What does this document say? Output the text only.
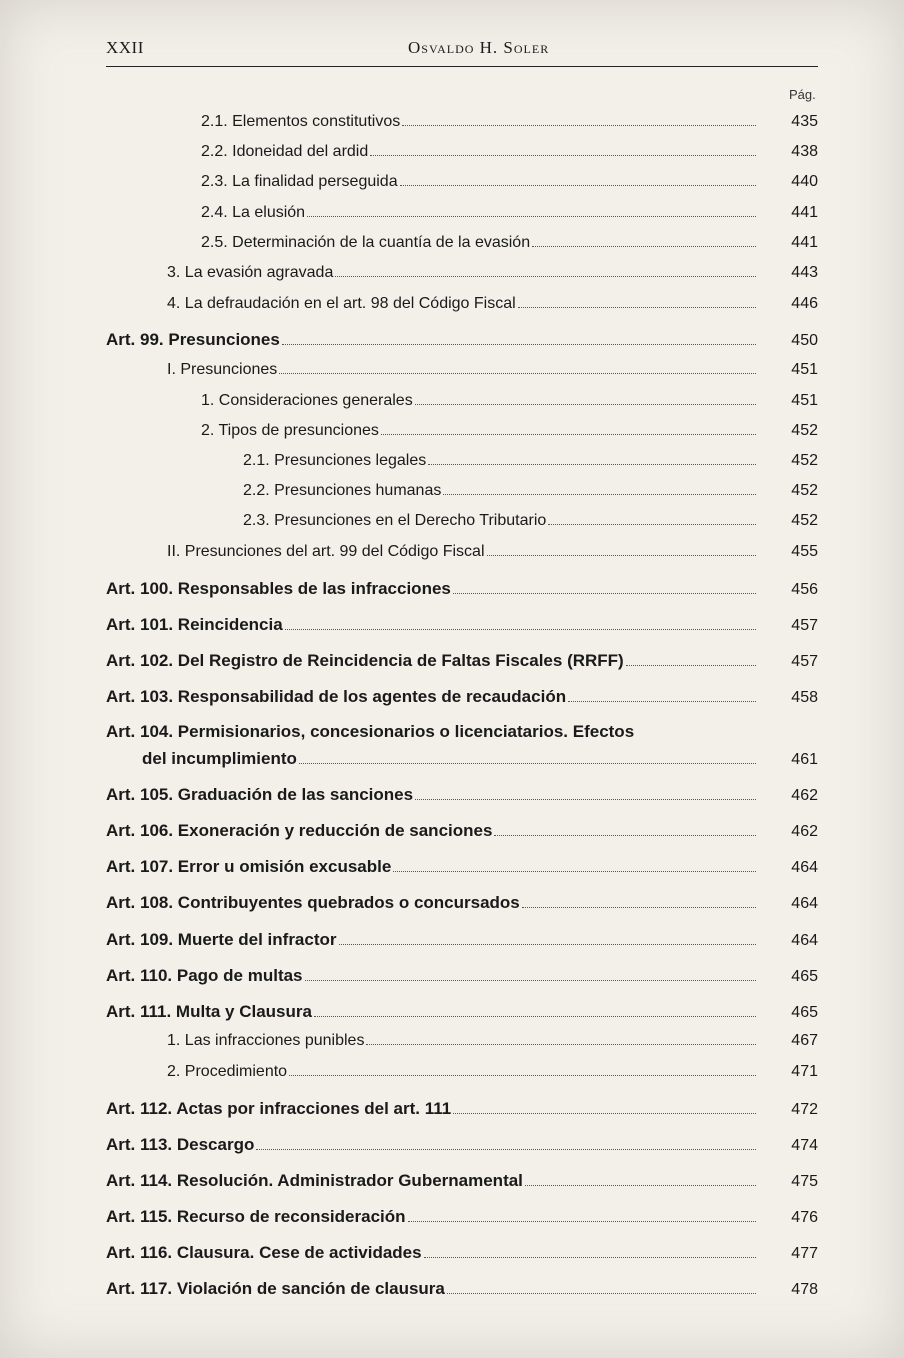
XXII	Osvaldo H. Soler
Pág.
2.1. Elementos constitutivos	435
2.2. Idoneidad del ardid	438
2.3. La finalidad perseguida	440
2.4. La elusión	441
2.5. Determinación de la cuantía de la evasión	441
3. La evasión agravada	443
4. La defraudación en el art. 98 del Código Fiscal	446
Art. 99. Presunciones	450
I. Presunciones	451
1. Consideraciones generales	451
2. Tipos de presunciones	452
2.1. Presunciones legales	452
2.2. Presunciones humanas	452
2.3. Presunciones en el Derecho Tributario	452
II. Presunciones del art. 99 del Código Fiscal	455
Art. 100. Responsables de las infracciones	456
Art. 101. Reincidencia	457
Art. 102. Del Registro de Reincidencia de Faltas Fiscales (RRFF)	457
Art. 103. Responsabilidad de los agentes de recaudación	458
Art. 104. Permisionarios, concesionarios o licenciatarios. Efectos
del incumplimiento	461
Art. 105. Graduación de las sanciones	462
Art. 106. Exoneración y reducción de sanciones	462
Art. 107. Error u omisión excusable	464
Art. 108. Contribuyentes quebrados o concursados	464
Art. 109. Muerte del infractor	464
Art. 110. Pago de multas	465
Art. 111. Multa y Clausura	465
1. Las infracciones punibles	467
2. Procedimiento	471
Art. 112. Actas por infracciones del art. 111	472
Art. 113. Descargo	474
Art. 114. Resolución. Administrador Gubernamental	475
Art. 115. Recurso de reconsideración	476
Art. 116. Clausura. Cese de actividades	477
Art. 117. Violación de sanción de clausura	478
